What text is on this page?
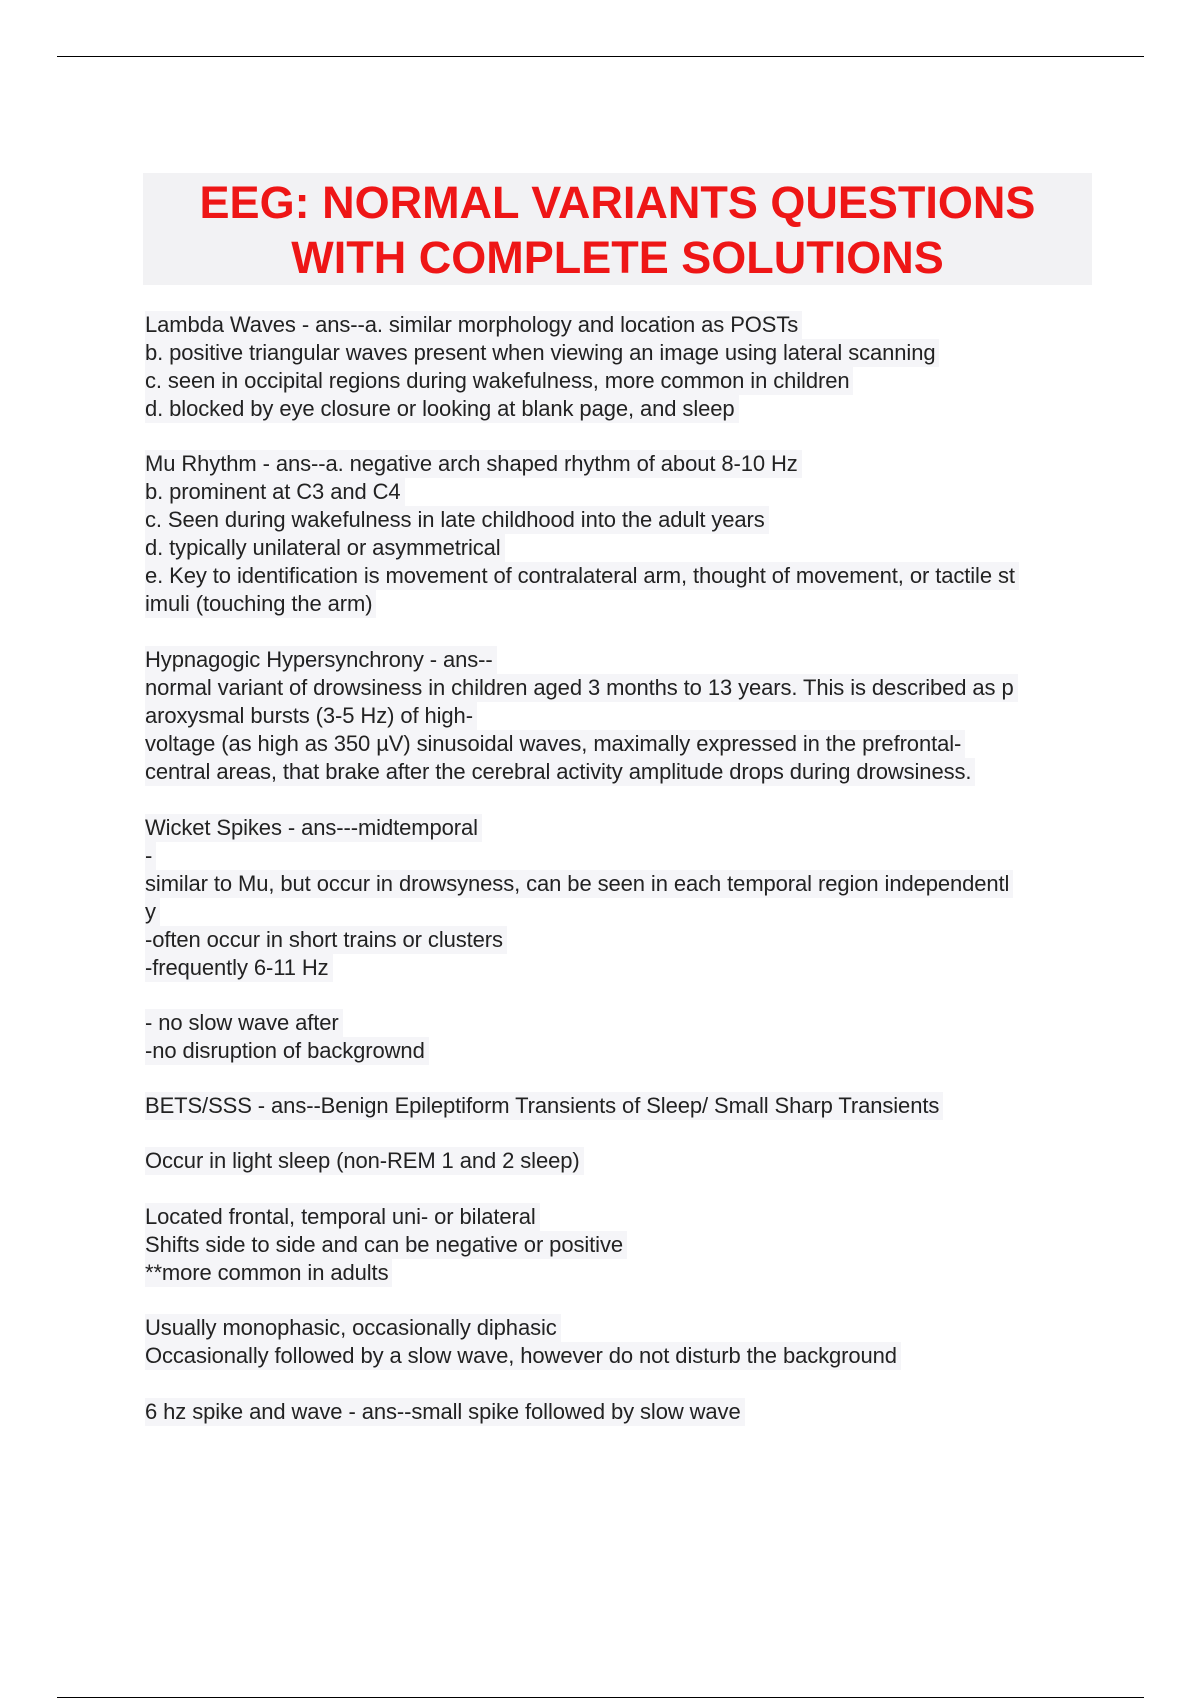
EEG: NORMAL VARIANTS QUESTIONS
WITH COMPLETE SOLUTIONS
Lambda Waves - ans--a. similar morphology and location as POSTs
b. positive triangular waves present when viewing an image using lateral scanning
c. seen in occipital regions during wakefulness, more common in children
d. blocked by eye closure or looking at blank page, and sleep
Mu Rhythm - ans--a. negative arch shaped rhythm of about 8-10 Hz
b. prominent at C3 and C4
c. Seen during wakefulness in late childhood into the adult years
d. typically unilateral or asymmetrical
e. Key to identification is movement of contralateral arm, thought of movement, or tactile st
imuli (touching the arm)
Hypnagogic Hypersynchrony - ans--
normal variant of drowsiness in children aged 3 months to 13 years. This is described as p
aroxysmal bursts (3-5 Hz) of high-
voltage (as high as 350 µV) sinusoidal waves, maximally expressed in the prefrontal-
central areas, that brake after the cerebral activity amplitude drops during drowsiness.
Wicket Spikes - ans---midtemporal
-
similar to Mu, but occur in drowsyness, can be seen in each temporal region independentl
y
-often occur in short trains or clusters
-frequently 6-11 Hz
- no slow wave after
-no disruption of backgrownd
BETS/SSS - ans--Benign Epileptiform Transients of Sleep/ Small Sharp Transients
Occur in light sleep (non-REM 1 and 2 sleep)
Located frontal, temporal uni- or bilateral
Shifts side to side and can be negative or positive
**more common in adults
Usually monophasic, occasionally diphasic
Occasionally followed by a slow wave, however do not disturb the background
6 hz spike and wave - ans--small spike followed by slow wave
